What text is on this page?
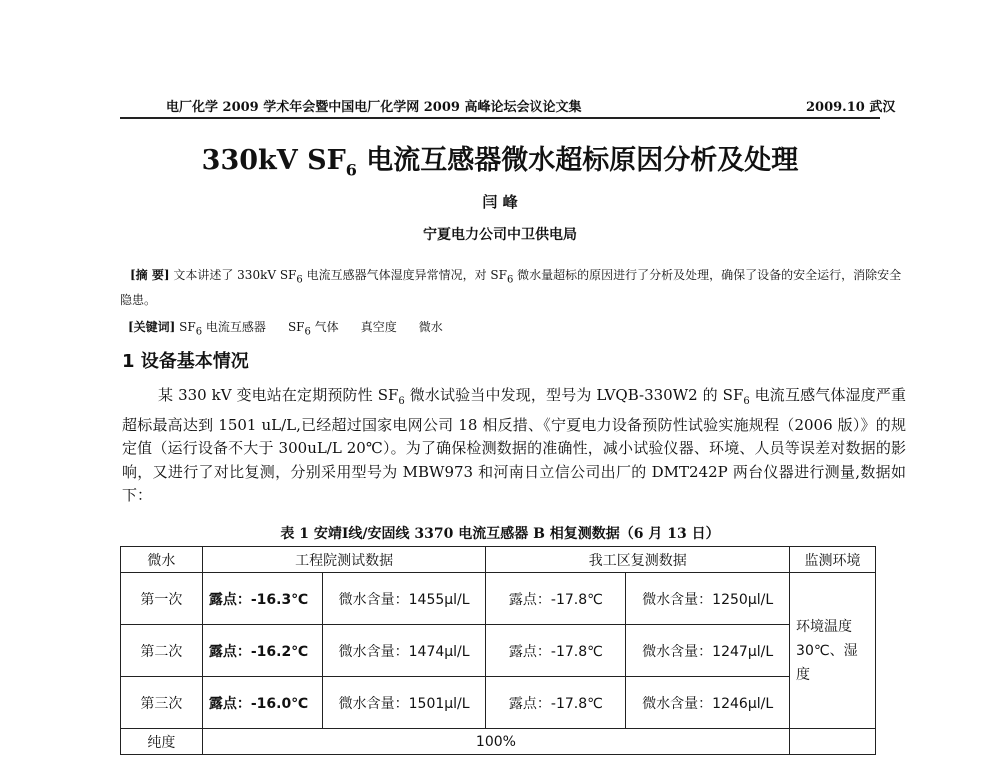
电厂化学 2009 学术年会暨中国电厂化学网 2009 高峰论坛会议论文集	2009.10 武汉
330kV $SF_6$ 电流互感器微水超标原因分析及处理
闫 峰
宁夏电力公司中卫供电局
[摘 要] 文本讲述了 330kV $SF_6$ 电流互感器气体湿度异常情况，对 $SF_6$ 微水量超标的原因进行了分析及处理，确保了设备的安全运行，消除安全隐患。
[关键词] $SF_6$ 电流互感器 $SF_6$ 气体 真空度 微水
1 设备基本情况
某 330 kV 变电站在定期预防性 $SF_6$ 微水试验当中发现，型号为 LVQB-330W2 的 $SF_6$ 电流互感气体湿度严重超标最高达到 1501 uL/L,已经超过国家电网公司 18 相反措、《宁夏电力设备预防性试验实施规程（2006 版）》的规定值（运行设备不大于 300uL/L 20℃）。为了确保检测数据的准确性，减小试验仪器、环境、人员等误差对数据的影响，又进行了对比复测，分别采用型号为 MBW973 和河南日立信公司出厂的 DMT242P 两台仪器进行测量,数据如下：
表 1 安靖Ⅰ线/安固线 3370 电流互感器 B 相复测数据（6 月 13 日）
微水	工程院测试数据		我工区复测数据		监测环境
第一次	露点：-16.3℃	微水含量：1455µl/L	露点：-17.8℃	微水含量：1250µl/L	环境温度 30℃、湿度
第二次	露点：-16.2℃	微水含量：1474µl/L	露点：-17.8℃	微水含量：1247µl/L	
第三次	露点：-16.0℃	微水含量：1501µl/L	露点：-17.8℃	微水含量：1246µl/L	
纯度	100%				
